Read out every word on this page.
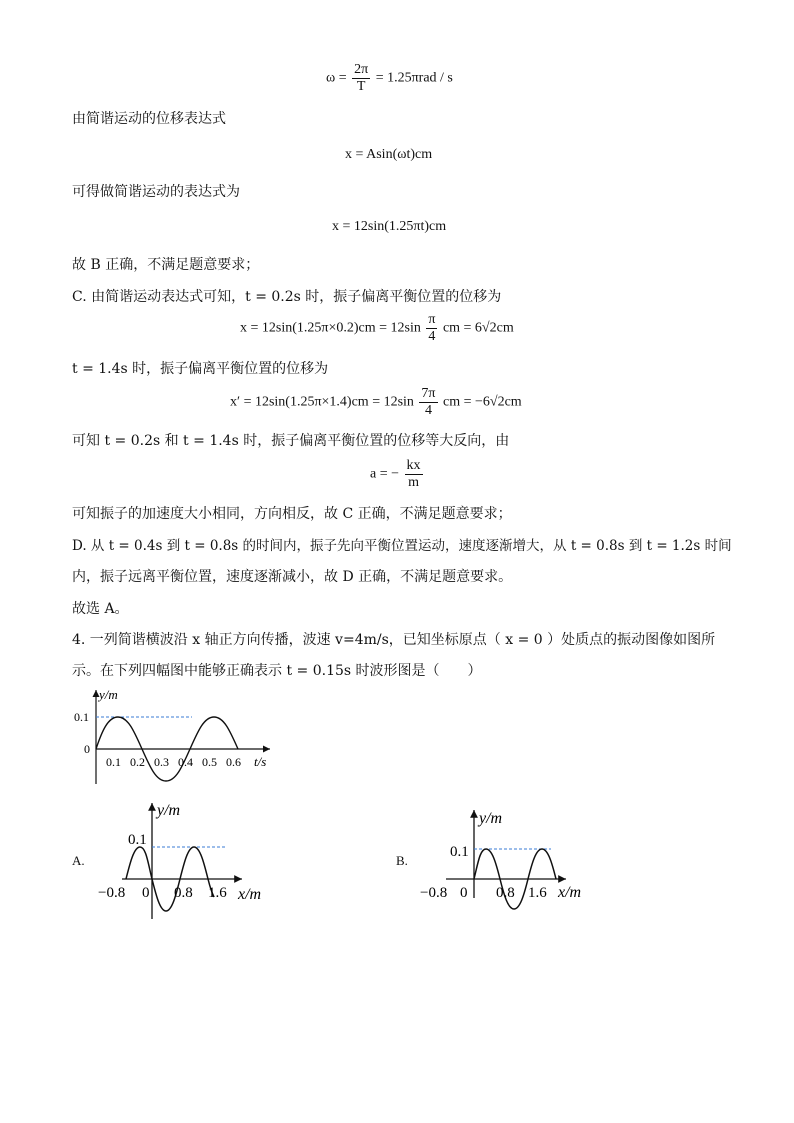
$\omega = \frac{2\pi}{T} = 1.25\pi rad / s$
由简谐运动的位移表达式
x = Asin(ωt)cm
可得做简谐运动的表达式为
x = 12sin(1.25πt)cm
故 B 正确，不满足题意要求；
C. 由简谐运动表达式可知，t = 0.2s 时，振子偏离平衡位置的位移为
$x = 12\sin(1.25\pi\times 0.2)cm = 12\sin \frac{\pi}{4}$ cm = 6√2cm
t = 1.4s 时，振子偏离平衡位置的位移为
$x' = 12\sin(1.25\pi\times 1.4)cm = 12\sin \frac{7\pi}{4}$ cm = −6√2cm
可知 t = 0.2s 和 t = 1.4s 时，振子偏离平衡位置的位移等大反向，由
a = − $\frac{kx}{m}$
可知振子的加速度大小相同，方向相反，故 C 正确，不满足题意要求；
D. 从 t = 0.4s 到 t = 0.8s 的时间内，振子先向平衡位置运动，速度逐渐增大，从 t = 0.8s 到 t = 1.2s 时间
内，振子远离平衡位置，速度逐渐减小，故 D 正确，不满足题意要求。
故选 A。
4. 一列简谐横波沿 x 轴正方向传播，波速 v=4m/s，已知坐标原点（ x = 0 ）处质点的振动图像如图所
示。在下列四幅图中能够正确表示 t = 0.15s 时波形图是（　　）
y/m
0.1
0
0.1 0.2 0.3 0.4 0.5 0.6 t/s
A.
y/m
0.1
−0.8 0 0.8 1.6 x/m
B.
y/m
0.1
−0.8 0 0.8 1.6 x/m
